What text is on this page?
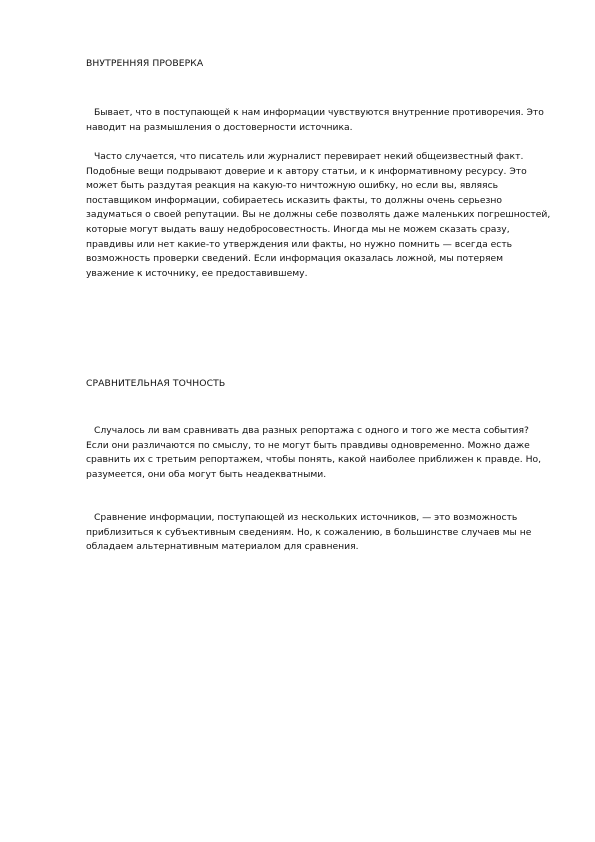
ВНУТРЕННЯЯ ПРОВЕРКА

Бывает, что в поступающей к нам информации чувствуются внутренние противоречия. Это наводит на размышления о достоверности источника.

Часто случается, что писатель или журналист перевирает некий общеизвестный факт. Подобные вещи подрывают доверие и к автору статьи, и к информативному ресурсу. Это может быть раздутая реакция на какую-то ничтожную ошибку, но если вы, являясь поставщиком информации, собираетесь исказить факты, то должны очень серьезно задуматься о своей репутации. Вы не должны себе позволять даже маленьких погрешностей, которые могут выдать вашу недобросовестность. Иногда мы не можем сказать сразу, правдивы или нет какие-то утверждения или факты, но нужно помнить — всегда есть возможность проверки сведений. Если информация оказалась ложной, мы потеряем уважение к источнику, ее предоставившему.

СРАВНИТЕЛЬНАЯ ТОЧНОСТЬ

Случалось ли вам сравнивать два разных репортажа с одного и того же места события? Если они различаются по смыслу, то не могут быть правдивы одновременно. Можно даже сравнить их с третьим репортажем, чтобы понять, какой наиболее приближен к правде. Но, разумеется, они оба могут быть неадекватными.

Сравнение информации, поступающей из нескольких источников, — это возможность приблизиться к субъективным сведениям. Но, к сожалению, в большинстве случаев мы не обладаем альтернативным материалом для сравнения.
